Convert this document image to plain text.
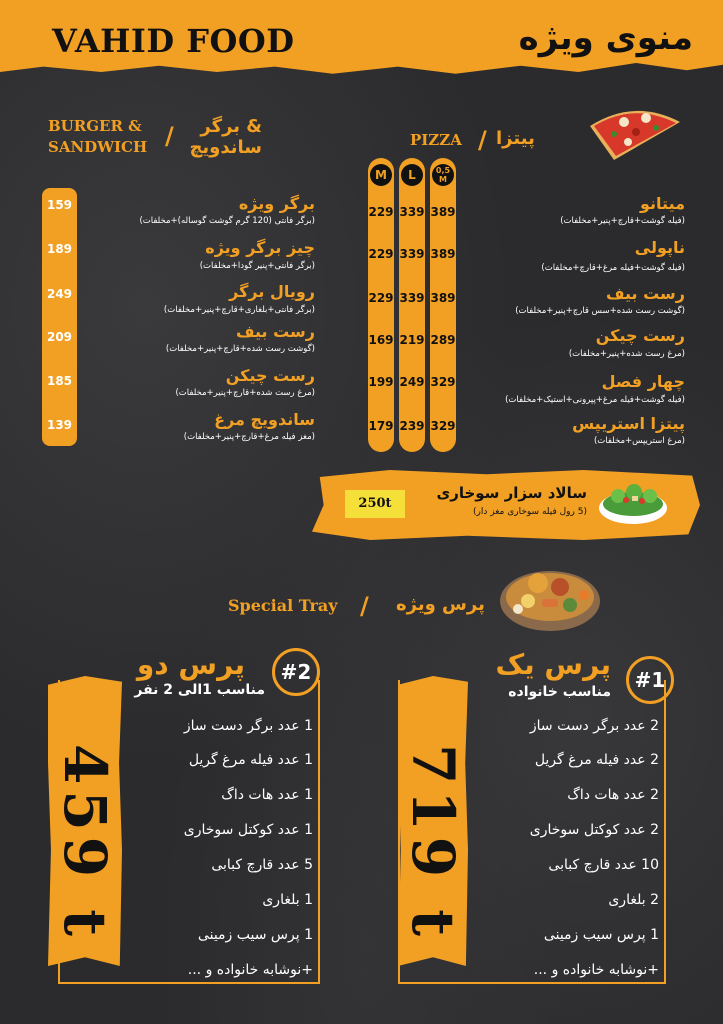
VAHID FOOD	منوی ویژه
BURGER &
SANDWICH /	& برگر
ساندویچ	PIZZA / پیتزا
M	L	0,5 M
برگر ویژه
(برگر فانتی (120 گرم گوشت گوساله)+مخلفات)
159
چیز برگر ویژه
(برگر فانتی+پنیر گودا+مخلفات)
189
رویال برگر
(برگر فانتی+بلغاری+قارچ+پنیر+مخلفات)
249
رست بیف
(گوشت رست شده+قارچ+پنیر+مخلفات)
209
رست چیکن
(مرغ رست شده+قارچ+پنیر+مخلفات)
185
ساندویچ مرغ
(مغز فیله مرغ+قارچ+پنیر+مخلفات)
139
میتانو
(فیله گوشت+قارچ+پنیر+مخلفات)
229 339 389
ناپولی
(فیله گوشت+فیله مرغ+قارچ+مخلفات)
229 339 389
رست بیف
(گوشت رست شده+سس قارچ+پنیر+مخلفات)
229 339 389
رست چیکن
(مرغ رست شده+پنیر+مخلفات)
169 219 289
چهار فصل
(فیله گوشت+فیله مرغ+پپرونی+استیک+مخلفات)
199 249 329
پیتزا استریپس
(مرغ استریپس+مخلفات)
179 239 329
250t
سالاد سزار سوخاری
(5 رول فیله سوخاری مغز دار)
Special Tray / پرس ویژه
719 t
#1
پرس یک
مناسب خانواده
2 عدد برگر دست ساز
2 عدد فیله مرغ گریل
2 عدد هات داگ
2 عدد کوکتل سوخاری
10 عدد قارچ کبابی
2 بلغاری
1 پرس سیب زمینی
+نوشابه خانواده و ...
459 t
#2
پرس دو
مناسب 1الی 2 نفر
1 عدد برگر دست ساز
1 عدد فیله مرغ گریل
1 عدد هات داگ
1 عدد کوکتل سوخاری
5 عدد قارچ کبابی
1 بلغاری
1 پرس سیب زمینی
+نوشابه خانواده و ...
